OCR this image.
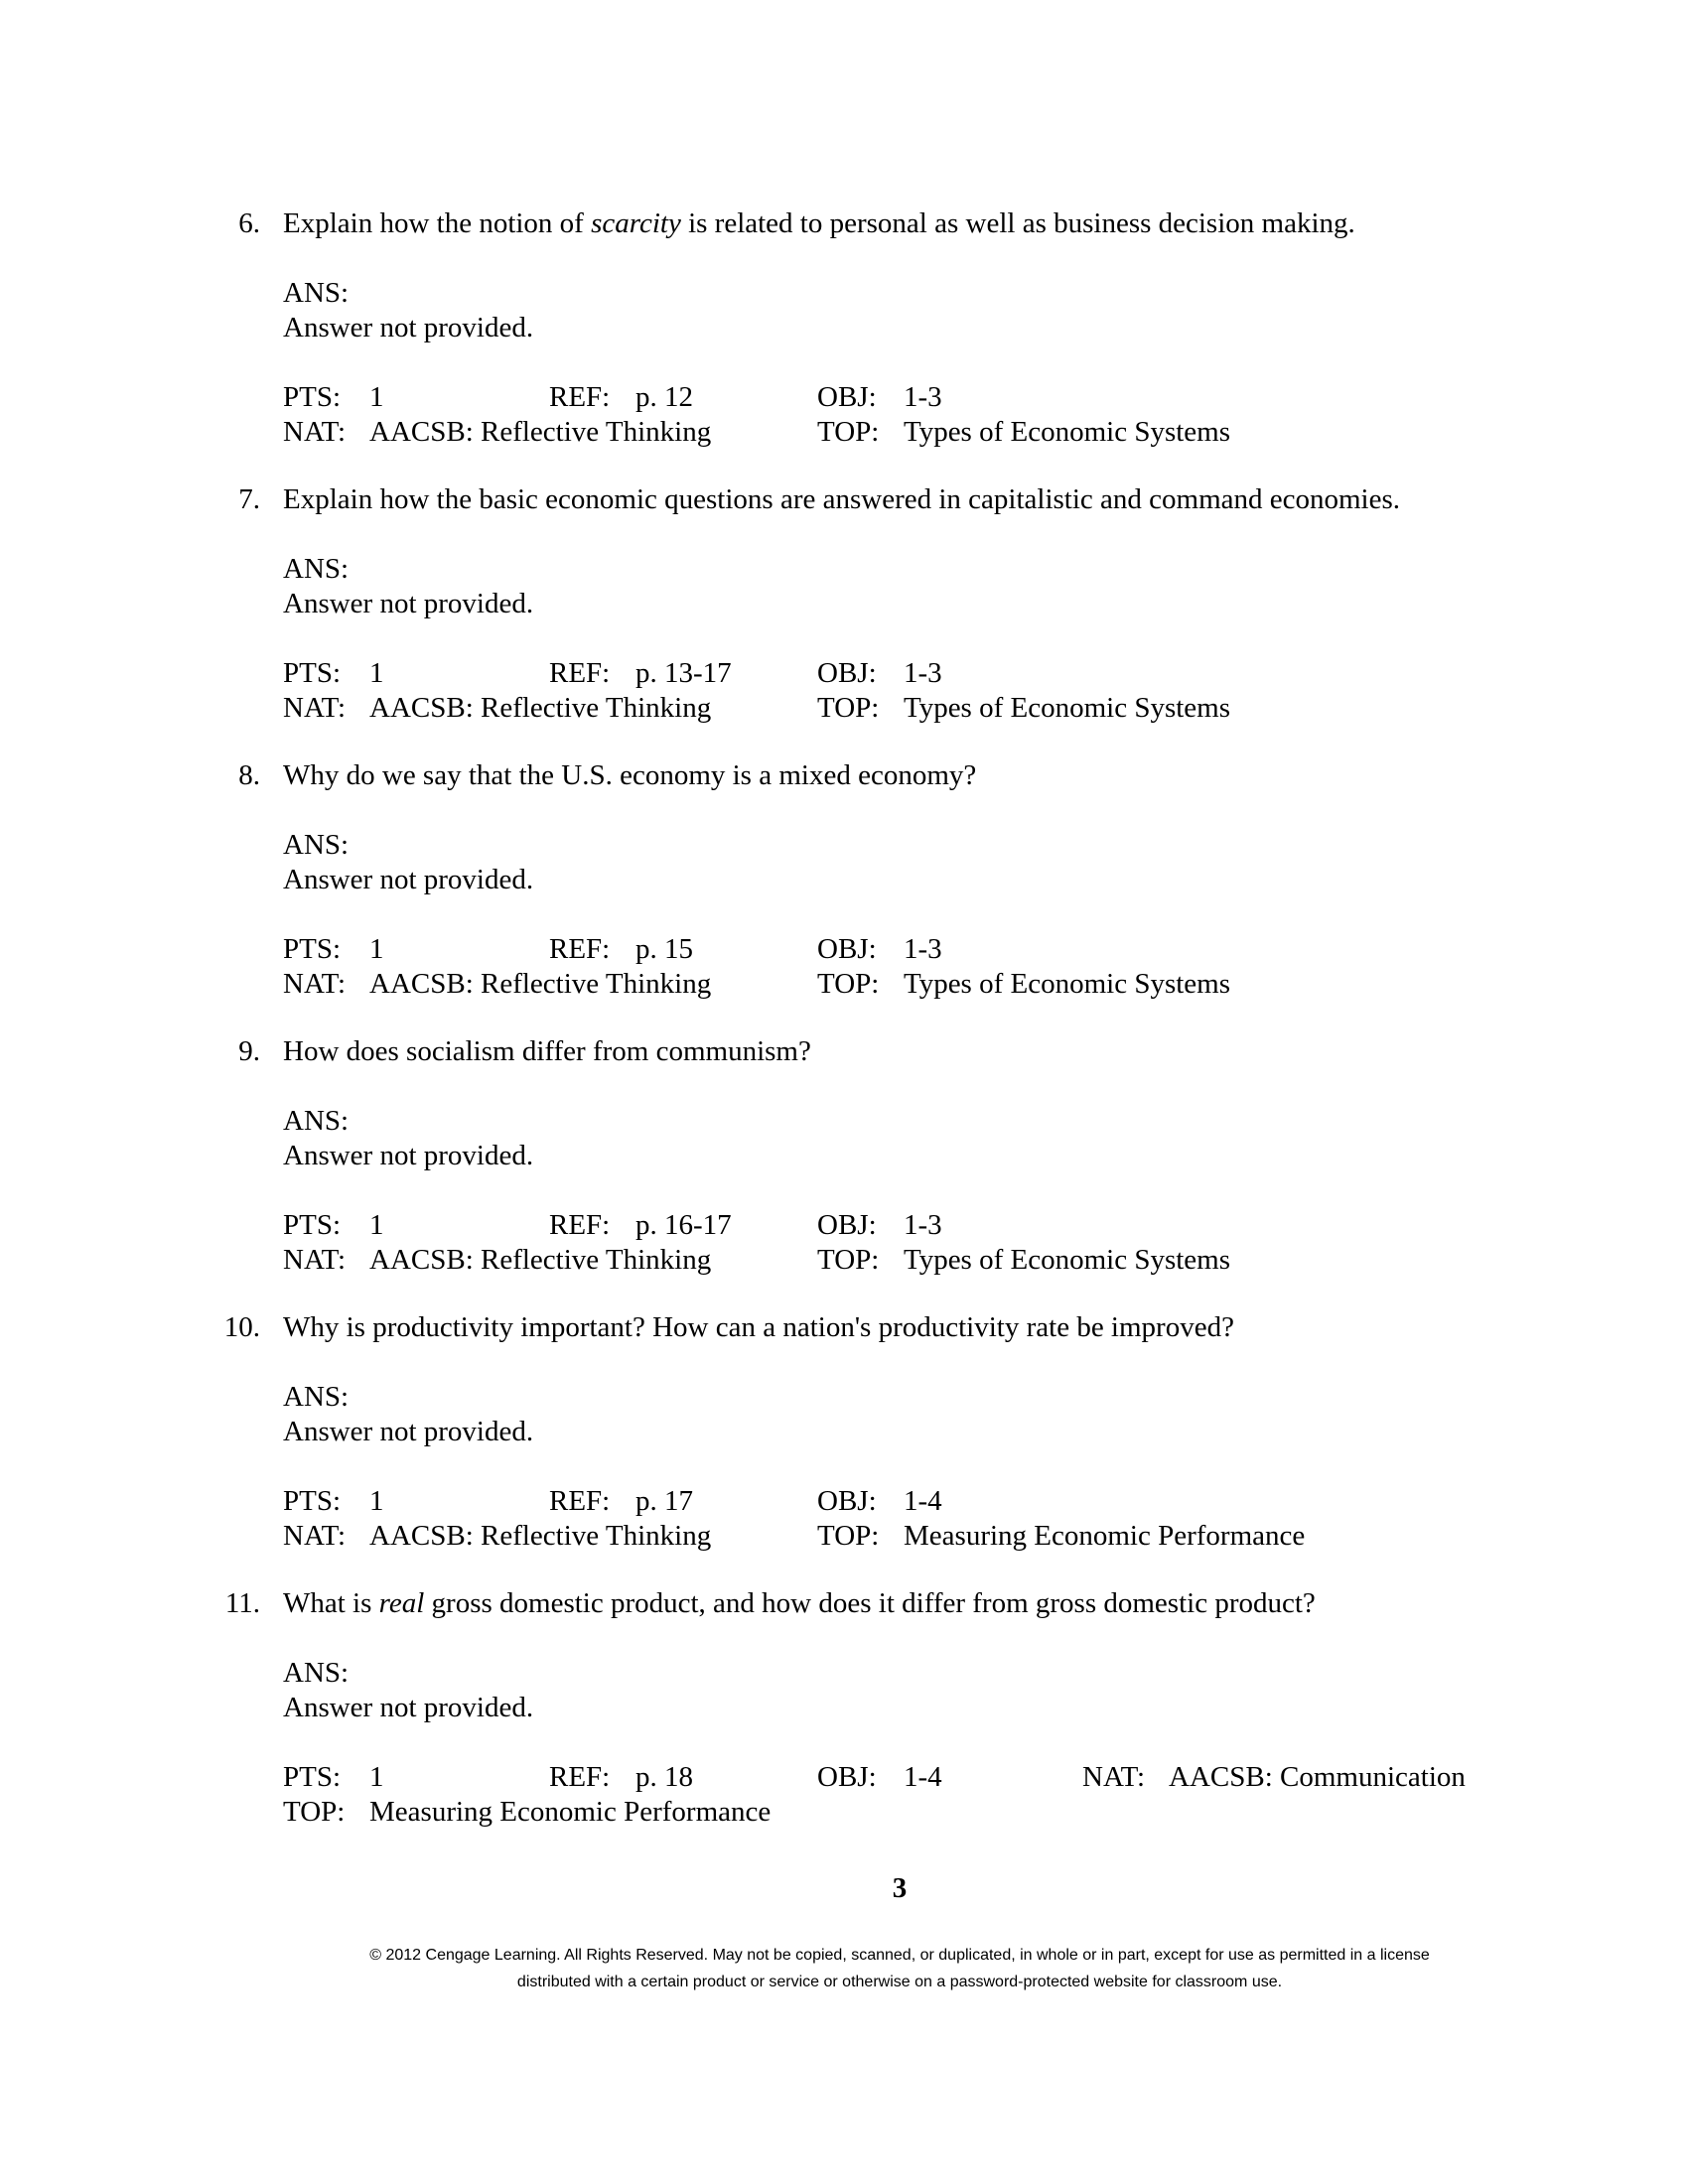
6. Explain how the notion of scarcity is related to personal as well as business decision making.
ANS:
Answer not provided.
PTS: 1	REF: p. 12	OBJ: 1-3
NAT: AACSB: Reflective Thinking	TOP: Types of Economic Systems
7. Explain how the basic economic questions are answered in capitalistic and command economies.
ANS:
Answer not provided.
PTS: 1	REF: p. 13-17	OBJ: 1-3
NAT: AACSB: Reflective Thinking	TOP: Types of Economic Systems
8. Why do we say that the U.S. economy is a mixed economy?
ANS:
Answer not provided.
PTS: 1	REF: p. 15	OBJ: 1-3
NAT: AACSB: Reflective Thinking	TOP: Types of Economic Systems
9. How does socialism differ from communism?
ANS:
Answer not provided.
PTS: 1	REF: p. 16-17	OBJ: 1-3
NAT: AACSB: Reflective Thinking	TOP: Types of Economic Systems
10. Why is productivity important? How can a nation's productivity rate be improved?
ANS:
Answer not provided.
PTS: 1	REF: p. 17	OBJ: 1-4
NAT: AACSB: Reflective Thinking	TOP: Measuring Economic Performance
11. What is real gross domestic product, and how does it differ from gross domestic product?
ANS:
Answer not provided.
PTS: 1	REF: p. 18	OBJ: 1-4	NAT: AACSB: Communication
TOP: Measuring Economic Performance
3
© 2012 Cengage Learning. All Rights Reserved. May not be copied, scanned, or duplicated, in whole or in part, except for use as permitted in a license
distributed with a certain product or service or otherwise on a password-protected website for classroom use.
